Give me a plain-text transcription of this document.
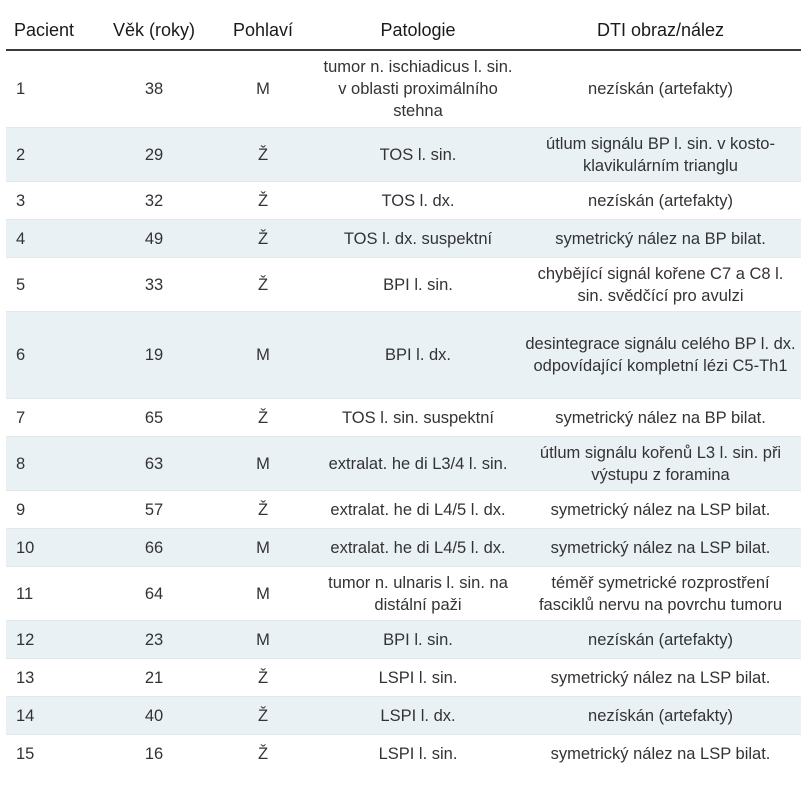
Pacient	Věk (roky)	Pohlaví	Patologie	DTI obraz/nález
1	38	M	tumor n. ischiadicus l. sin. v oblasti proximálního stehna	nezískán (artefakty)
2	29	Ž	TOS l. sin.	útlum signálu BP l. sin. v kosto-klavikulárním trianglu
3	32	Ž	TOS l. dx.	nezískán (artefakty)
4	49	Ž	TOS l. dx. suspektní	symetrický nález na BP bilat.
5	33	Ž	BPI l. sin.	chybějící signál kořene C7 a C8 l. sin. svědčící pro avulzi
6	19	M	BPI l. dx.	desintegrace signálu celého BP l. dx. odpovídající kompletní lézi C5-Th1
7	65	Ž	TOS l. sin. suspektní	symetrický nález na BP bilat.
8	63	M	extralat. he di L3/4 l. sin.	útlum signálu kořenů L3 l. sin. při výstupu z foramina
9	57	Ž	extralat. he di L4/5 l. dx.	symetrický nález na LSP bilat.
10	66	M	extralat. he di L4/5 l. dx.	symetrický nález na LSP bilat.
11	64	M	tumor n. ulnaris l. sin. na distální paži	téměř symetrické rozprostření fasciklů nervu na povrchu tumoru
12	23	M	BPI l. sin.	nezískán (artefakty)
13	21	Ž	LSPI l. sin.	symetrický nález na LSP bilat.
14	40	Ž	LSPI l. dx.	nezískán (artefakty)
15	16	Ž	LSPI l. sin.	symetrický nález na LSP bilat.
